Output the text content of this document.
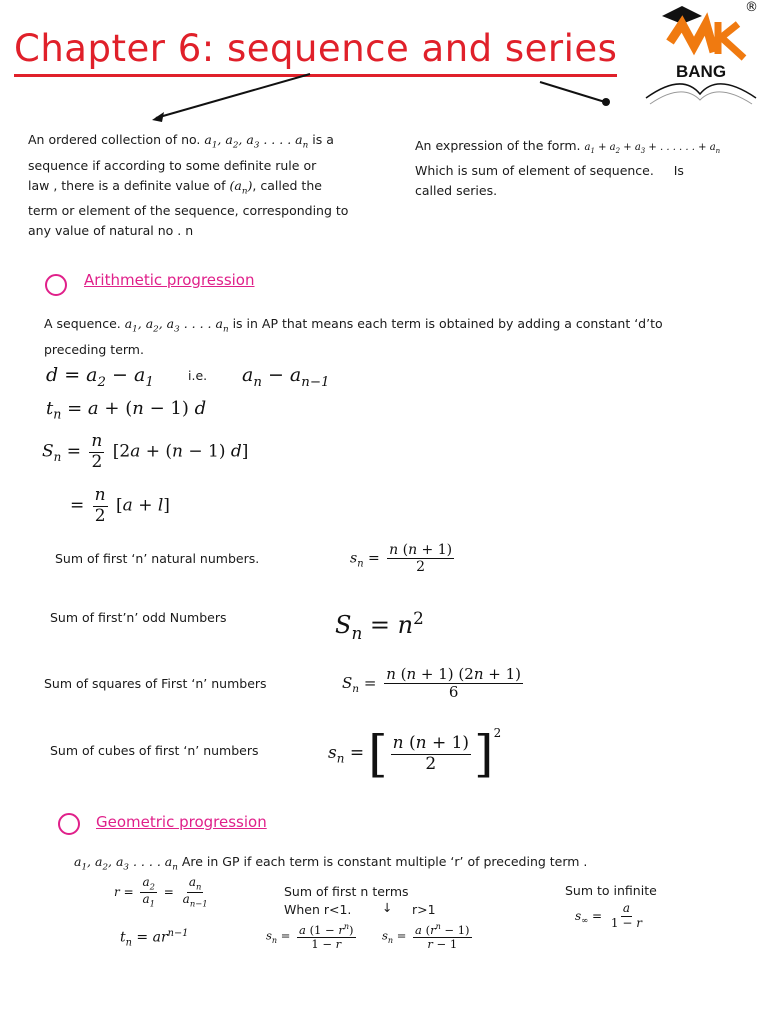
Chapter 6: sequence and series
BANG
®
An ordered collection of no. $a_1$, $a_2$, $a_3$ . . . . $a_n$ is a
sequence if according to some definite rule or
law , there is a definite value of $(a_n)$, called the
term or element of the sequence, corresponding to
any value of natural no . n
An expression of the form. $a_1 + a_2 + a_3$ + . . . . . . + $a_n$
Which is sum of element of sequence. Is
called series.
Arithmetic progression
A sequence. $a_1$, $a_2$, $a_3$ . . . . $a_n$ is in AP that means each term is obtained by adding a constant ‘d’to
preceding term.
$d = a_2 - a_1$	i.e. $a_n - a_{n-1}$
$t_n = a + (n - 1)$ d
$S_n = \frac{n}{2} [2a + (n - 1)$ d]
= $\frac{n}{2} [a + l]$
Sum of first ‘n’ natural numbers.	$s_n = \frac{n (n + 1)}{2}$
Sum of first’n’ odd Numbers	$S_n = n^2$
Sum of squares of First ‘n’ numbers	$S_n = \frac{n (n + 1) (2n + 1)}{6}$
Sum of cubes of first ‘n’ numbers	$s_n$ = [ $\frac{n (n + 1)}{2} ]^2$
Geometric progression
$a_1$, $a_2$, $a_3$ . . . . $a_n$ Are in GP if each term is constant multiple ‘r’ of preceding term .
$r = \frac{a_2}{a_1} = \frac{a_n}{a_{n-1}}$
$t_n = ar^{n-1}$
Sum of first n terms
When r<1. ↓ r>1
$s_n = \frac{a (1 - r^n)}{1 - r} s_n = \frac{a (r^n - 1)}{r - 1}$
Sum to infinite
$s_\infty = \frac{a}{1 - r}$
